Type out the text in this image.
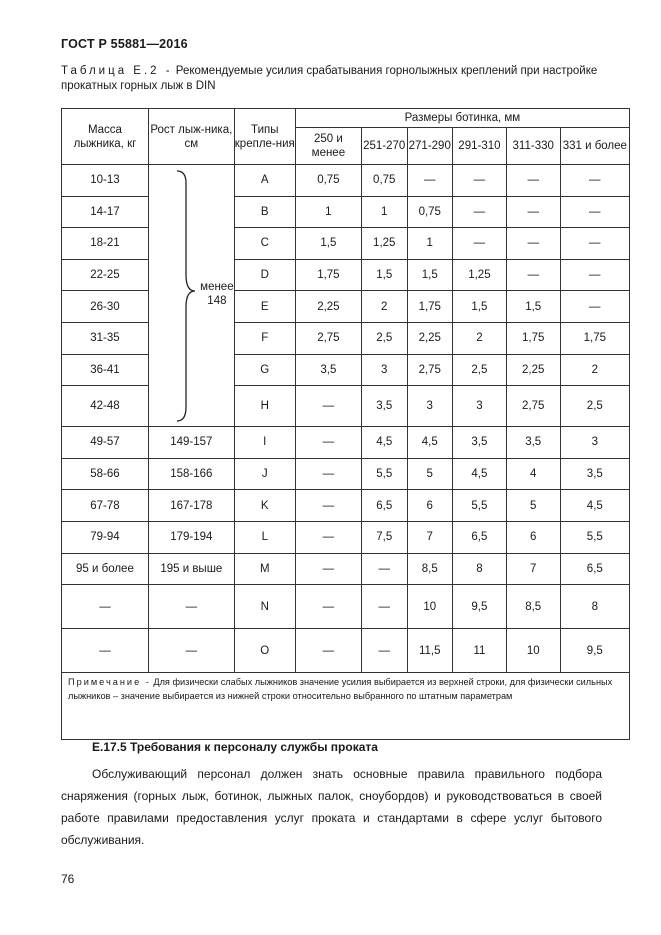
ГОСТ Р 55881—2016
Таблица Е.2 - Рекомендуемые усилия срабатывания горнолыжных креплений при настройке прокатных горных лыж в DIN
Масса лыжника, кг	Рост лыж-ника, см	Типы крепле-ния	Размеры ботинка, мм					
			250 и менее	251-270	271-290	291-310	311-330	331 и более
10-13	менее 148	A	0,75	0,75	—	—	—	—
14-17		B	1	1	0,75	—	—	—
18-21		C	1,5	1,25	1	—	—	—
22-25		D	1,75	1,5	1,5	1,25	—	—
26-30		E	2,25	2	1,75	1,5	1,5	—
31-35		F	2,75	2,5	2,25	2	1,75	1,75
36-41		G	3,5	3	2,75	2,5	2,25	2
42-48		H	—	3,5	3	3	2,75	2,5
49-57	149-157	I	—	4,5	4,5	3,5	3,5	3
58-66	158-166	J	—	5,5	5	4,5	4	3,5
67-78	167-178	K	—	6,5	6	5,5	5	4,5
79-94	179-194	L	—	7,5	7	6,5	6	5,5
95 и более	195 и выше	M	—	—	8,5	8	7	6,5
—	—	N	—	—	10	9,5	8,5	8
—	—	O	—	—	11,5	11	10	9,5
Примечание - Для физически слабых лыжников значение усилия выбирается из верхней строки, для физически сильных лыжников – значение выбирается из нижней строки относительно выбранного по штатным параметрам								
Е.17.5 Требования к персоналу службы проката
Обслуживающий персонал должен знать основные правила правильного подбора снаряжения (горных лыж, ботинок, лыжных палок, сноубордов) и руководствоваться в своей работе правилами предоставления услуг проката и стандартами в сфере услуг бытового обслуживания.
76
